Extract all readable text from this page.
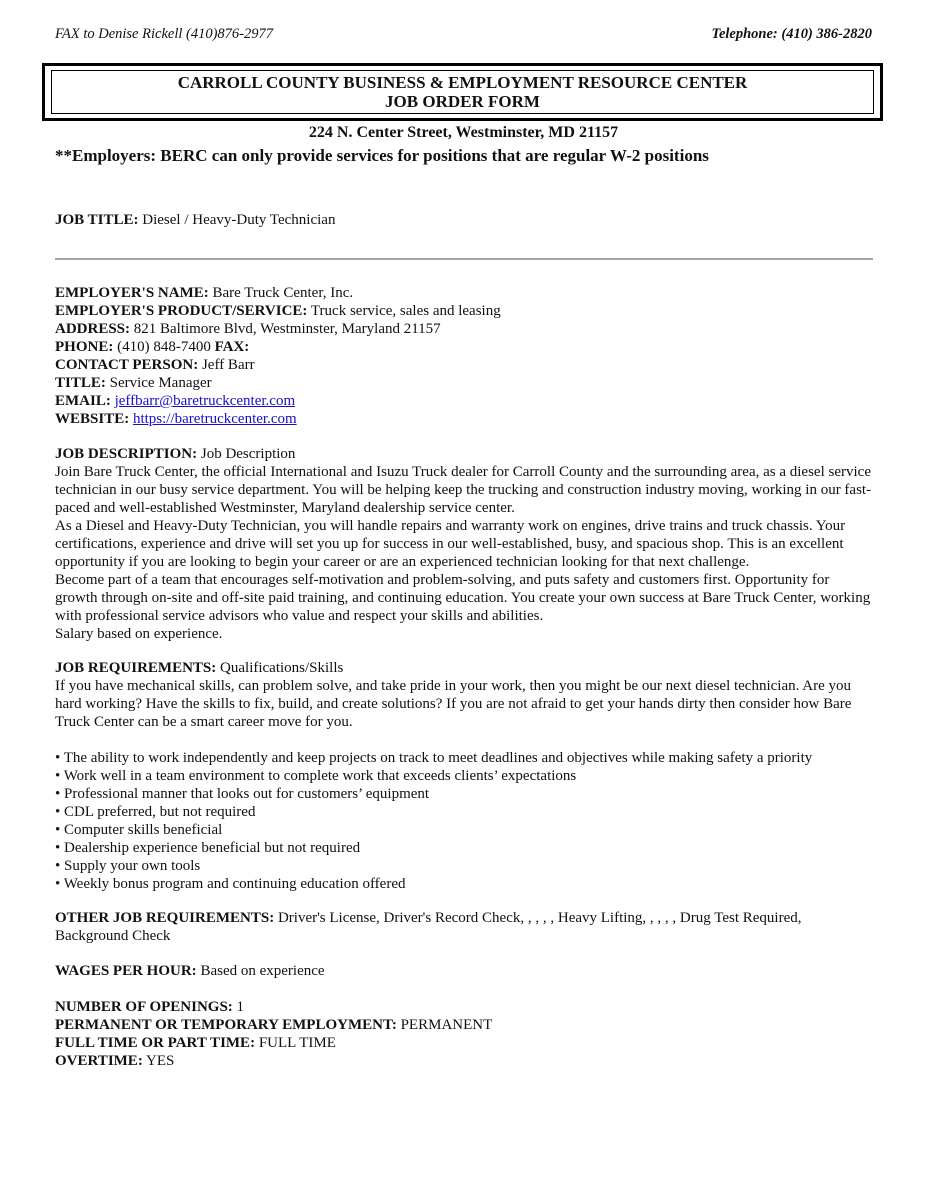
FAX to Denise Rickell (410)876-2977	Telephone: (410) 386-2820
CARROLL COUNTY BUSINESS & EMPLOYMENT RESOURCE CENTER
JOB ORDER FORM
224 N. Center Street, Westminster, MD 21157
**Employers: BERC can only provide services for positions that are regular W-2 positions
JOB TITLE: Diesel / Heavy-Duty Technician

EMPLOYER'S NAME: Bare Truck Center, Inc.

EMPLOYER'S PRODUCT/SERVICE: Truck service, sales and leasing

ADDRESS: 821 Baltimore Blvd, Westminster, Maryland 21157

PHONE: (410) 848-7400 FAX:

CONTACT PERSON: Jeff Barr

TITLE: Service Manager

EMAIL: jeffbarr@baretruckcenter.com

WEBSITE: https://baretruckcenter.com

JOB DESCRIPTION: Job Description

Join Bare Truck Center, the official International and Isuzu Truck dealer for Carroll County and the surrounding area, as a diesel service technician in our busy service department. You will be helping keep the trucking and construction industry moving, working in our fast-paced and well-established Westminster, Maryland dealership service center.

As a Diesel and Heavy-Duty Technician, you will handle repairs and warranty work on engines, drive trains and truck chassis. Your certifications, experience and drive will set you up for success in our well-established, busy, and spacious shop. This is an excellent opportunity if you are looking to begin your career or are an experienced technician looking for that next challenge.

Become part of a team that encourages self-motivation and problem-solving, and puts safety and customers first. Opportunity for growth through on-site and off-site paid training, and continuing education. You create your own success at Bare Truck Center, working with professional service advisors who value and respect your skills and abilities.

Salary based on experience.

JOB REQUIREMENTS: Qualifications/Skills

If you have mechanical skills, can problem solve, and take pride in your work, then you might be our next diesel technician. Are you hard working? Have the skills to fix, build, and create solutions? If you are not afraid to get your hands dirty then consider how Bare Truck Center can be a smart career move for you.

• The ability to work independently and keep projects on track to meet deadlines and objectives while making safety a priority
• Work well in a team environment to complete work that exceeds clients’ expectations
• Professional manner that looks out for customers’ equipment
• CDL preferred, but not required
• Computer skills beneficial
• Dealership experience beneficial but not required
• Supply your own tools
• Weekly bonus program and continuing education offered

OTHER JOB REQUIREMENTS: Driver's License, Driver's Record Check, , , , , Heavy Lifting, , , , , Drug Test Required, Background Check

WAGES PER HOUR: Based on experience

NUMBER OF OPENINGS: 1

PERMANENT OR TEMPORARY EMPLOYMENT: PERMANENT

FULL TIME OR PART TIME: FULL TIME

OVERTIME: YES
